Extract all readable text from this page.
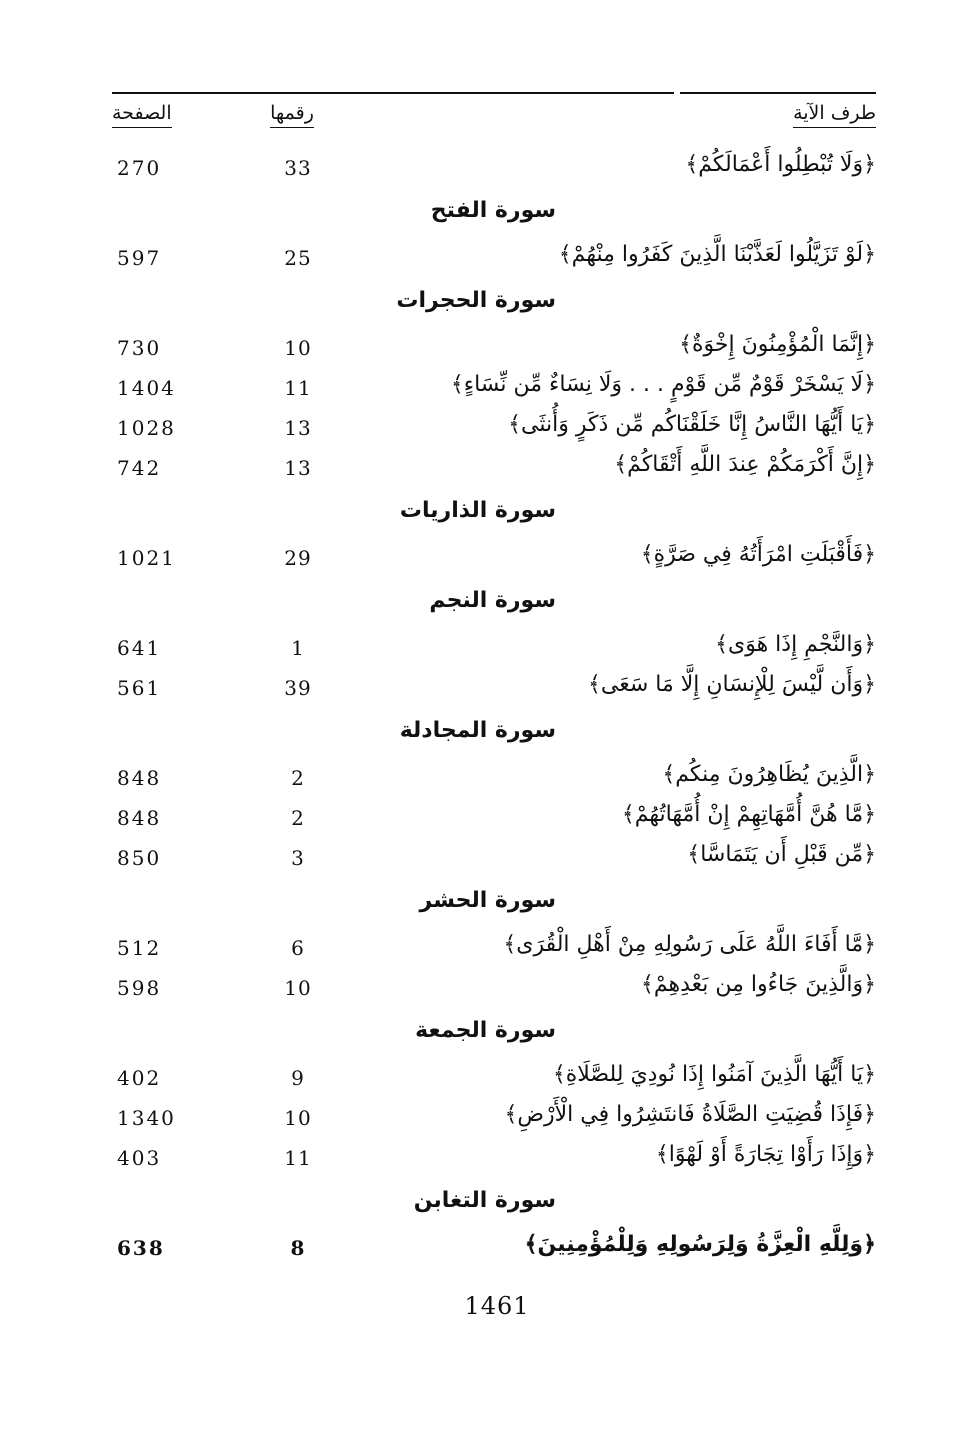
طرف الآية
رقمها
الصفحة
﴿وَلَا تُبْطِلُوا أَعْمَالَكُمْ﴾
33
270
سورة الفتح
﴿لَوْ تَزَيَّلُوا لَعَذَّبْنَا الَّذِينَ كَفَرُوا مِنْهُمْ﴾
25
597
سورة الحجرات
﴿إِنَّمَا الْمُؤْمِنُونَ إِخْوَةٌ﴾
10
730
﴿لَا يَسْخَرْ قَوْمٌ مِّن قَوْمٍ . . . وَلَا نِسَاءٌ مِّن نِّسَاءٍ﴾
11
1404
﴿يَا أَيُّهَا النَّاسُ إِنَّا خَلَقْنَاكُم مِّن ذَكَرٍ وَأُنثَى﴾
13
1028
﴿إِنَّ أَكْرَمَكُمْ عِندَ اللَّهِ أَتْقَاكُمْ﴾
13
742
سورة الذاريات
﴿فَأَقْبَلَتِ امْرَأَتُهُ فِي صَرَّةٍ﴾
29
1021
سورة النجم
﴿وَالنَّجْمِ إِذَا هَوَى﴾
1
641
﴿وَأَن لَّيْسَ لِلْإِنسَانِ إِلَّا مَا سَعَى﴾
39
561
سورة المجادلة
﴿الَّذِينَ يُظَاهِرُونَ مِنكُم﴾
2
848
﴿مَّا هُنَّ أُمَّهَاتِهِمْ إِنْ أُمَّهَاتُهُمْ﴾
2
848
﴿مِّن قَبْلِ أَن يَتَمَاسَّا﴾
3
850
سورة الحشر
﴿مَّا أَفَاءَ اللَّهُ عَلَى رَسُولِهِ مِنْ أَهْلِ الْقُرَى﴾
6
512
﴿وَالَّذِينَ جَاءُوا مِن بَعْدِهِمْ﴾
10
598
سورة الجمعة
﴿يَا أَيُّهَا الَّذِينَ آمَنُوا إِذَا نُودِيَ لِلصَّلَاةِ﴾
9
402
﴿فَإِذَا قُضِيَتِ الصَّلَاةُ فَانتَشِرُوا فِي الْأَرْضِ﴾
10
1340
﴿وَإِذَا رَأَوْا تِجَارَةً أَوْ لَهْوًا﴾
11
403
سورة التغابن
﴿وَلِلَّهِ الْعِزَّةُ وَلِرَسُولِهِ وَلِلْمُؤْمِنِينَ﴾
8
638
1461
